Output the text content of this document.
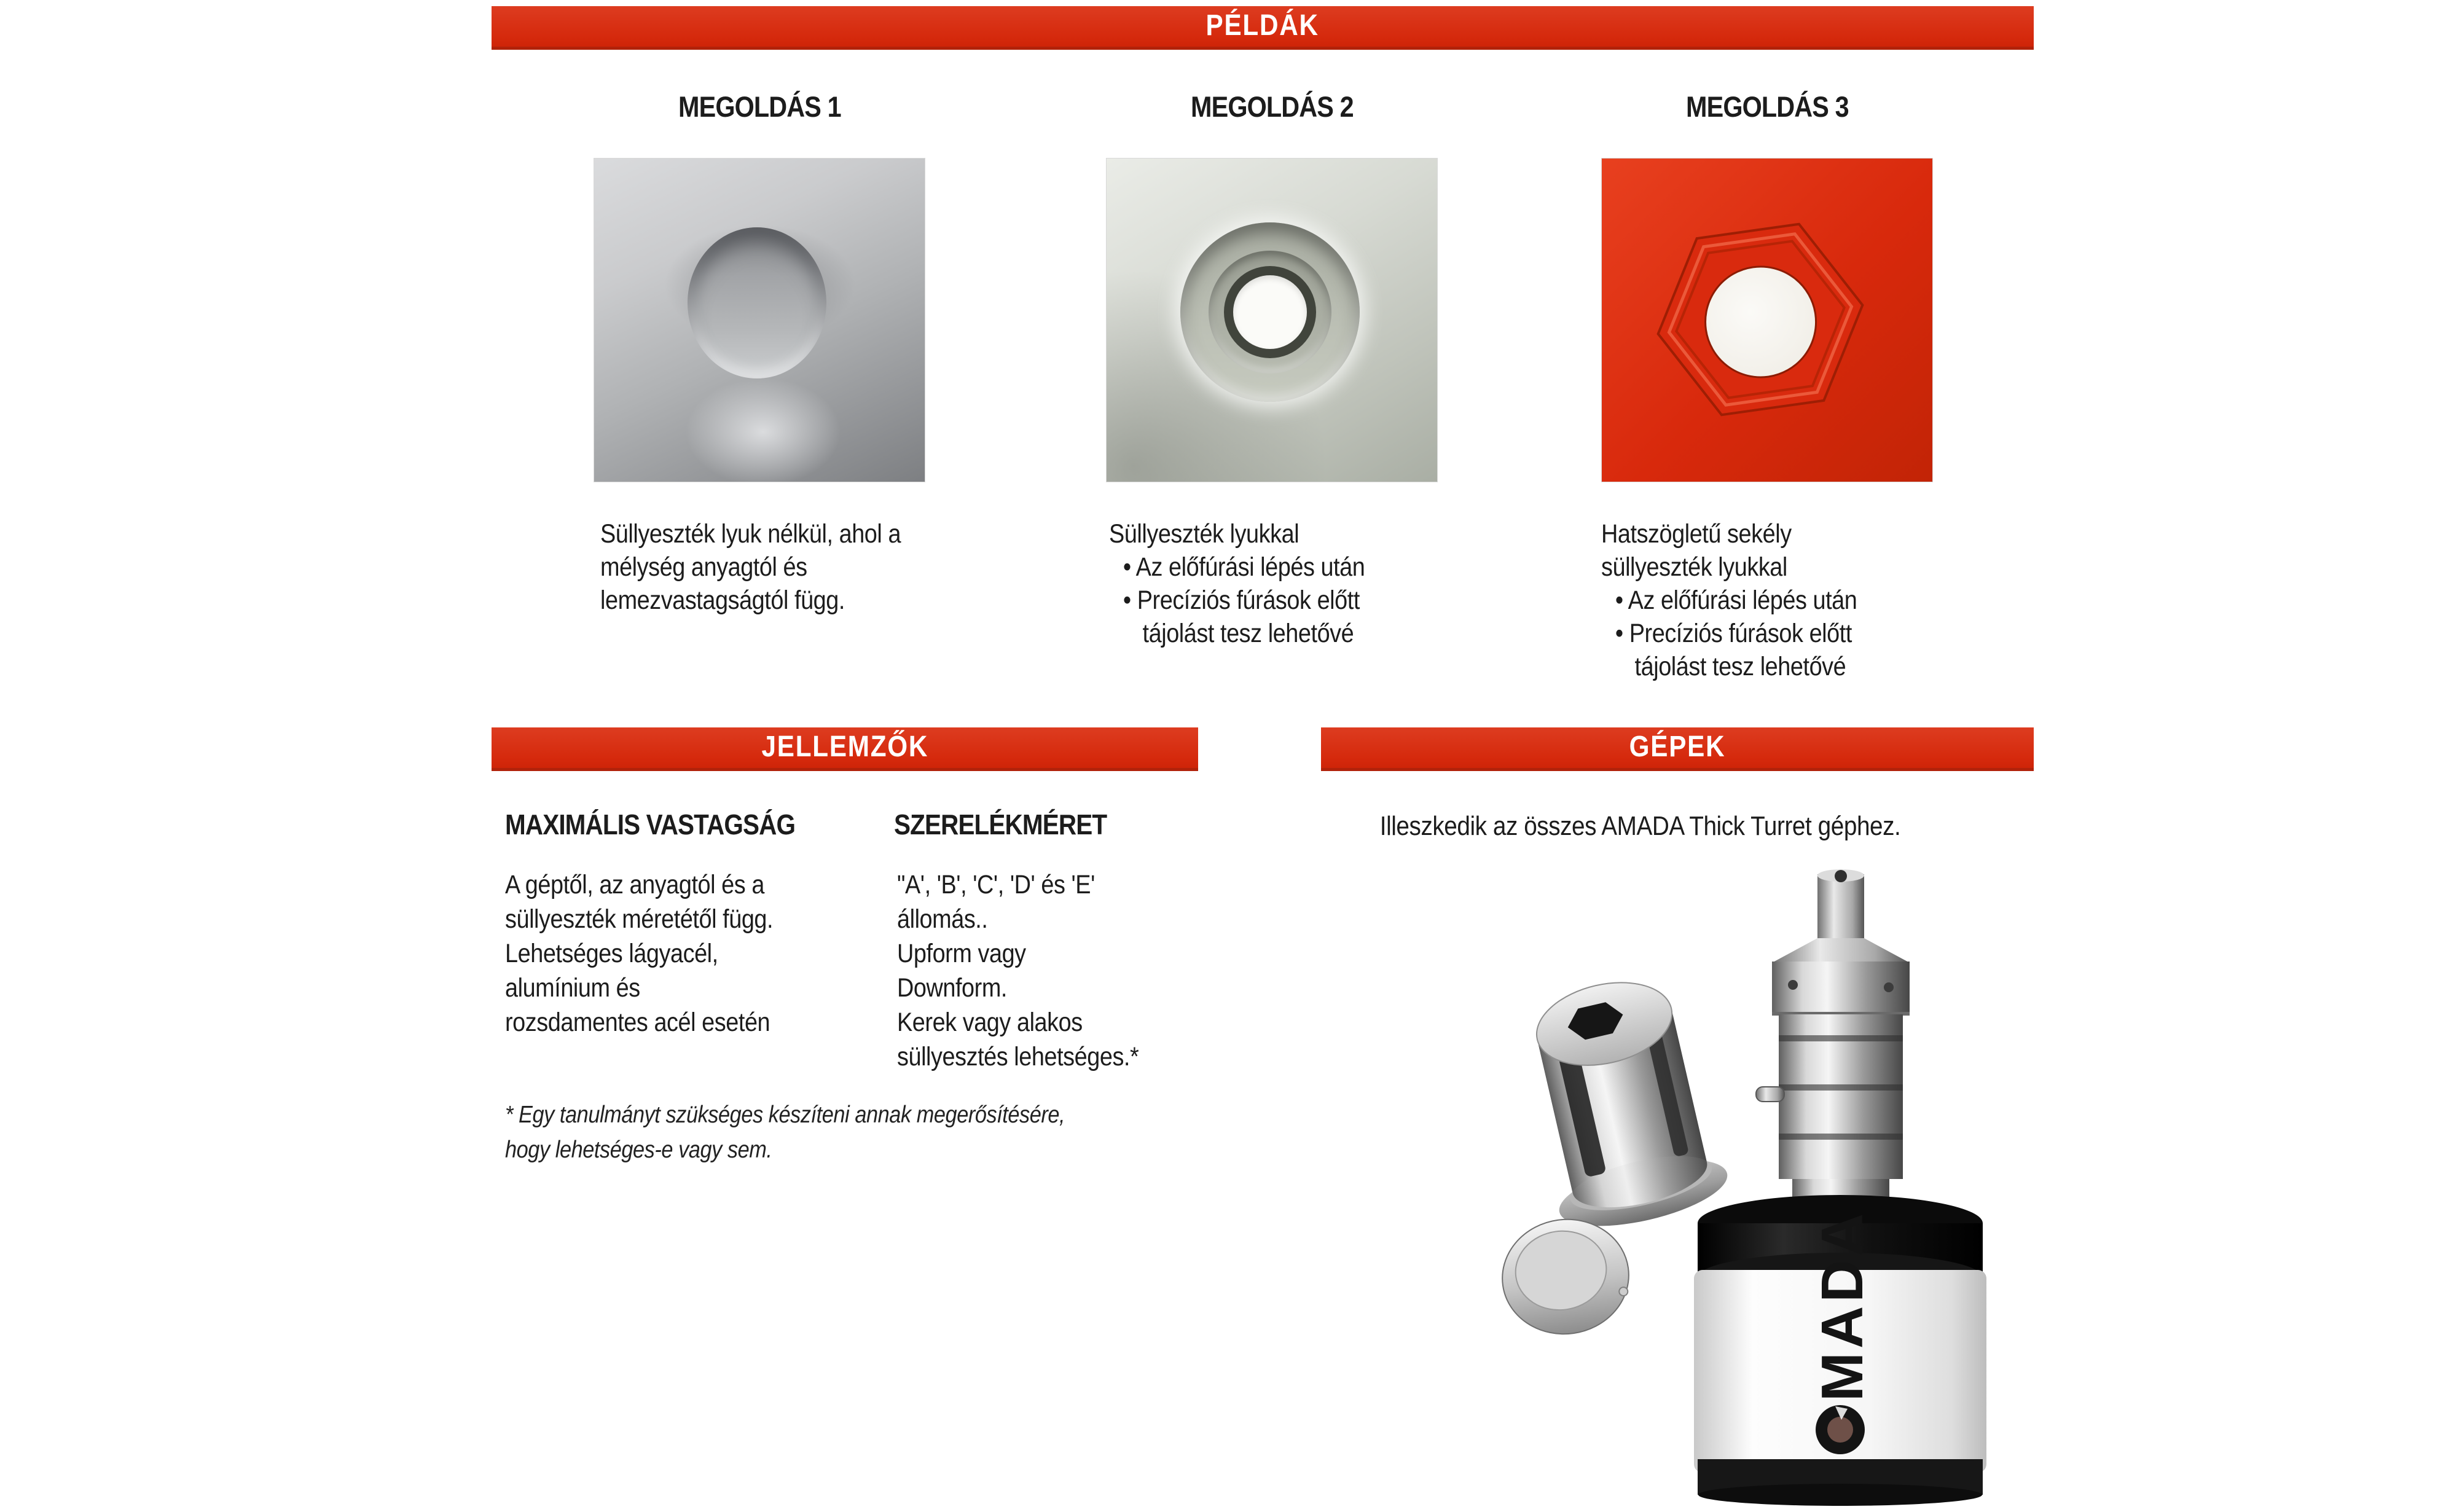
PÉLDÁK
MEGOLDÁS 1	MEGOLDÁS 2	MEGOLDÁS 3
Süllyeszték lyuk nélkül, ahol a
mélység anyagtól és
lemezvastagságtól függ.
Süllyeszték lyukkal
• Az előfúrási lépés után
• Precíziós fúrások előtt
tájolást tesz lehetővé
Hatszögletű sekély
süllyeszték lyukkal
• Az előfúrási lépés után
• Precíziós fúrások előtt
tájolást tesz lehetővé
JELLEMZŐK	GÉPEK
MAXIMÁLIS VASTAGSÁG
A géptől, az anyagtól és a
süllyeszték méretétől függ.
Lehetséges lágyacél,
alumínium és
rozsdamentes acél esetén
SZERELÉKMÉRET
"A', 'B', 'C', 'D' és 'E'
állomás..
Upform vagy
Downform.
Kerek vagy alakos
süllyesztés lehetséges.*
* Egy tanulmányt szükséges készíteni annak megerősítésére,
hogy lehetséges-e vagy sem.
Illeszkedik az összes AMADA Thick Turret géphez.
MADA
